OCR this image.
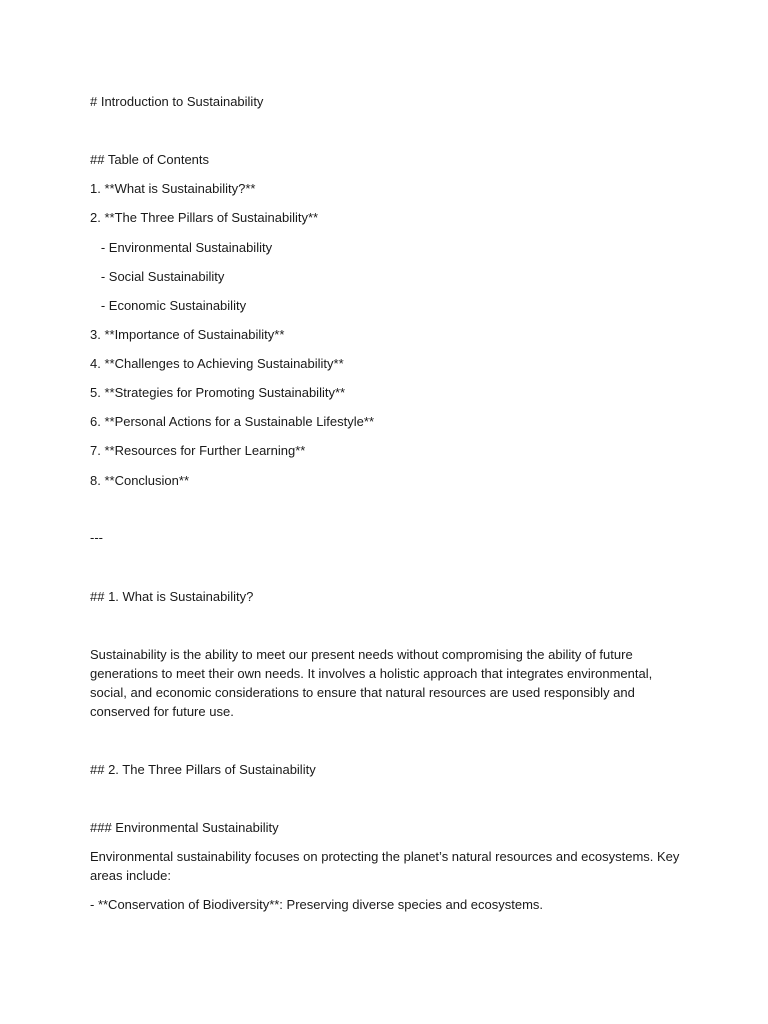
# Introduction to Sustainability

## Table of Contents

1. **What is Sustainability?**

2. **The Three Pillars of Sustainability**

- Environmental Sustainability

- Social Sustainability

- Economic Sustainability

3. **Importance of Sustainability**

4. **Challenges to Achieving Sustainability**

5. **Strategies for Promoting Sustainability**

6. **Personal Actions for a Sustainable Lifestyle**

7. **Resources for Further Learning**

8. **Conclusion**

---

## 1. What is Sustainability?

Sustainability is the ability to meet our present needs without compromising the ability of future generations to meet their own needs. It involves a holistic approach that integrates environmental, social, and economic considerations to ensure that natural resources are used responsibly and conserved for future use.

## 2. The Three Pillars of Sustainability

### Environmental Sustainability

Environmental sustainability focuses on protecting the planet’s natural resources and ecosystems. Key areas include:

- **Conservation of Biodiversity**: Preserving diverse species and ecosystems.
